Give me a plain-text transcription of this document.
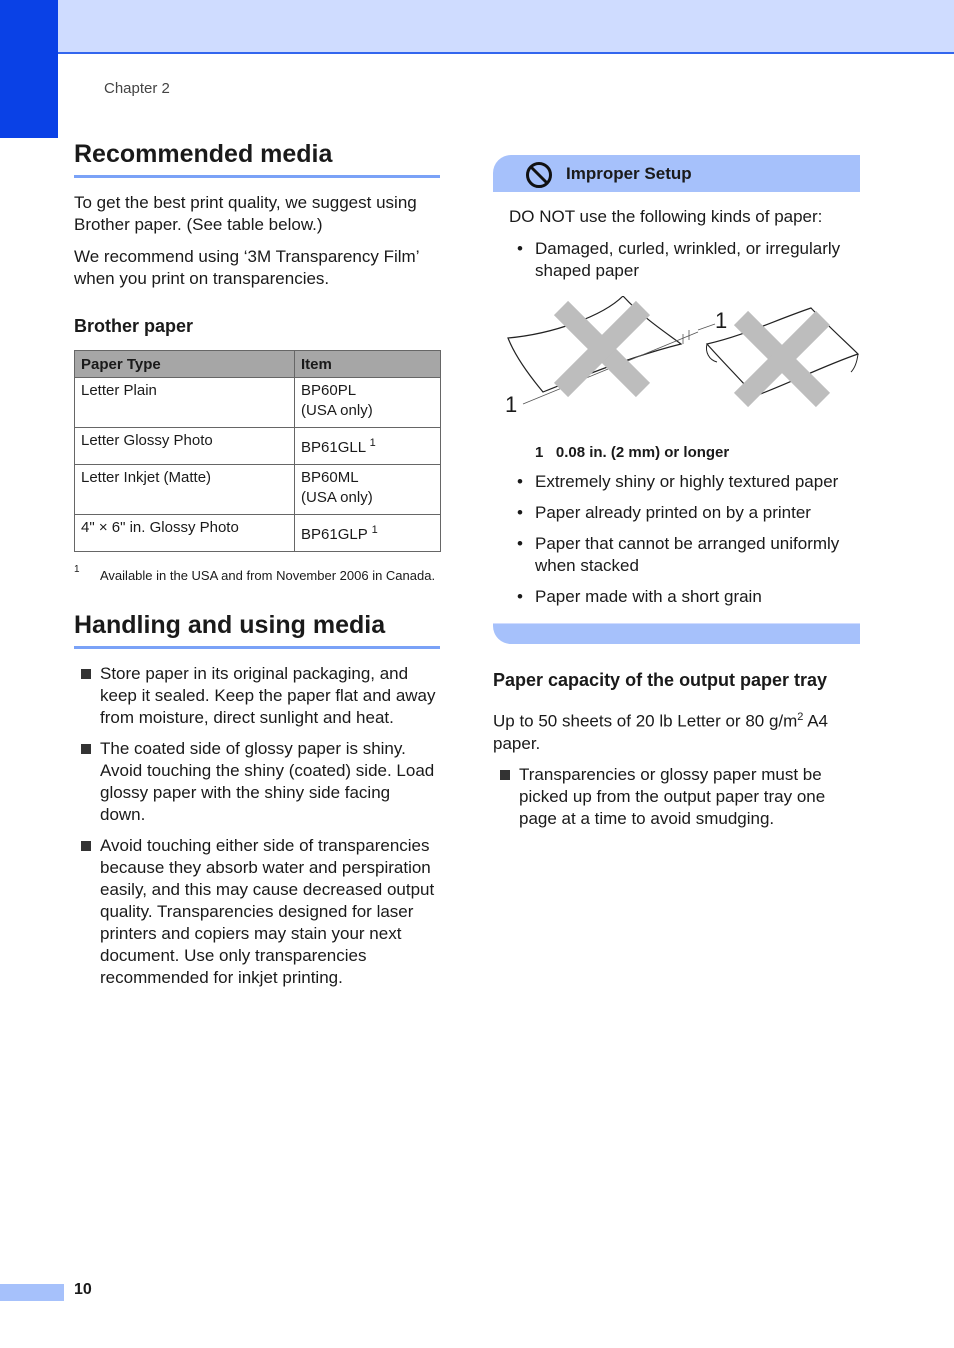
Chapter 2
Recommended media

To get the best print quality, we suggest using Brother paper. (See table below.)

We recommend using ‘3M Transparency Film’ when you print on transparencies.

Brother paper
Paper Type	Item
Letter Plain	BP60PL
(USA only)
Letter Glossy Photo	BP61GLL $^1$
Letter Inkjet (Matte)	BP60ML
(USA only)
4" × 6" in. Glossy Photo	BP61GLP $^1$
1 Available in the USA and from November 2006 in Canada.
Handling and using media
Store paper in its original packaging, and keep it sealed. Keep the paper flat and away from moisture, direct sunlight and heat.
The coated side of glossy paper is shiny. Avoid touching the shiny (coated) side. Load glossy paper with the shiny side facing down.
Avoid touching either side of transparencies because they absorb water and perspiration easily, and this may cause decreased output quality. Transparencies designed for laser printers and copiers may stain your next document. Use only transparencies recommended for inkjet printing.
Improper Setup

DO NOT use the following kinds of paper:

• Damaged, curled, wrinkled, or irregularly shaped paper
1
1
1 0.08 in. (2 mm) or longer
• Extremely shiny or highly textured paper
• Paper already printed on by a printer
• Paper that cannot be arranged uniformly when stacked
• Paper made with a short grain
Paper capacity of the output paper tray

Up to 50 sheets of 20 lb Letter or 80 $g/m^2$ A4 paper.

Transparencies or glossy paper must be picked up from the output paper tray one page at a time to avoid smudging.
10
